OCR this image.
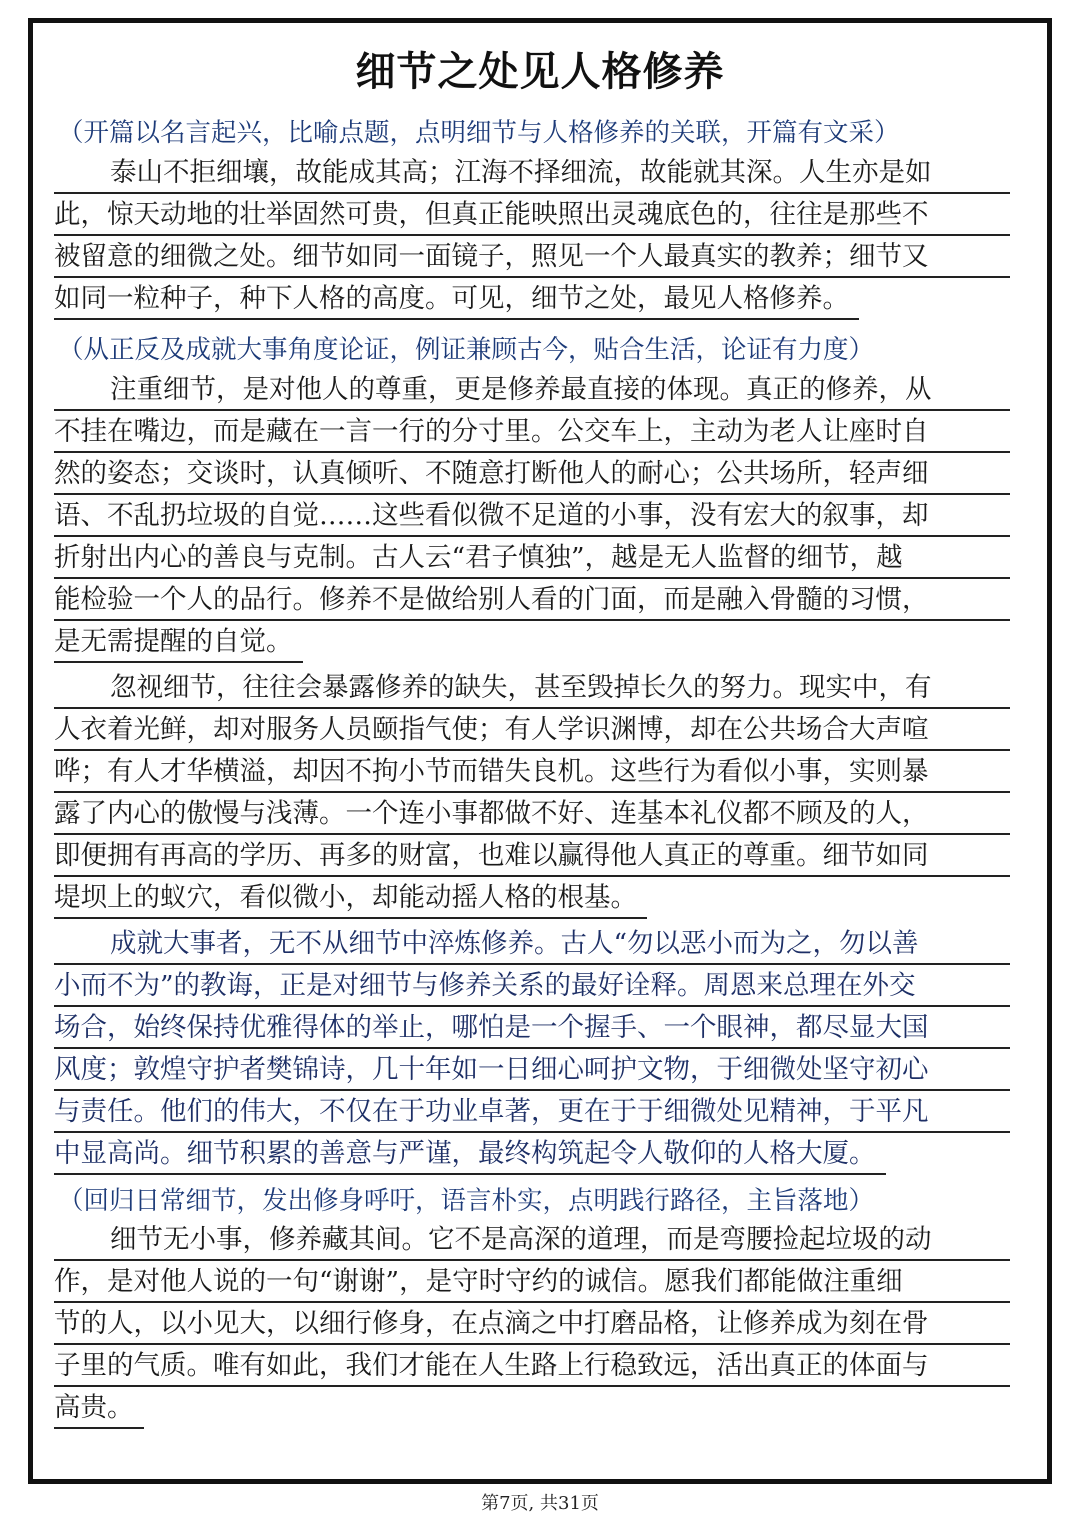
细节之处见人格修养
（开篇以名言起兴，比喻点题，点明细节与人格修养的关联，开篇有文采）
泰山不拒细壤，故能成其高；江海不择细流，故能就其深。人生亦是如
此，惊天动地的壮举固然可贵，但真正能映照出灵魂底色的，往往是那些不
被留意的细微之处。细节如同一面镜子，照见一个人最真实的教养；细节又
如同一粒种子，种下人格的高度。可见，细节之处，最见人格修养。
（从正反及成就大事角度论证，例证兼顾古今，贴合生活，论证有力度）
注重细节，是对他人的尊重，更是修养最直接的体现。真正的修养，从
不挂在嘴边，而是藏在一言一行的分寸里。公交车上，主动为老人让座时自
然的姿态；交谈时，认真倾听、不随意打断他人的耐心；公共场所，轻声细
语、不乱扔垃圾的自觉……这些看似微不足道的小事，没有宏大的叙事，却
折射出内心的善良与克制。古人云“君子慎独”，越是无人监督的细节，越
能检验一个人的品行。修养不是做给别人看的门面，而是融入骨髓的习惯，
是无需提醒的自觉。
忽视细节，往往会暴露修养的缺失，甚至毁掉长久的努力。现实中，有
人衣着光鲜，却对服务人员颐指气使；有人学识渊博，却在公共场合大声喧
哗；有人才华横溢，却因不拘小节而错失良机。这些行为看似小事，实则暴
露了内心的傲慢与浅薄。一个连小事都做不好、连基本礼仪都不顾及的人，
即便拥有再高的学历、再多的财富，也难以赢得他人真正的尊重。细节如同
堤坝上的蚁穴，看似微小，却能动摇人格的根基。
成就大事者，无不从细节中淬炼修养。古人“勿以恶小而为之，勿以善
小而不为”的教诲，正是对细节与修养关系的最好诠释。周恩来总理在外交
场合，始终保持优雅得体的举止，哪怕是一个握手、一个眼神，都尽显大国
风度；敦煌守护者樊锦诗，几十年如一日细心呵护文物，于细微处坚守初心
与责任。他们的伟大，不仅在于功业卓著，更在于于细微处见精神，于平凡
中显高尚。细节积累的善意与严谨，最终构筑起令人敬仰的人格大厦。
（回归日常细节，发出修身呼吁，语言朴实，点明践行路径，主旨落地）
细节无小事，修养藏其间。它不是高深的道理，而是弯腰捡起垃圾的动
作，是对他人说的一句“谢谢”，是守时守约的诚信。愿我们都能做注重细
节的人，以小见大，以细行修身，在点滴之中打磨品格，让修养成为刻在骨
子里的气质。唯有如此，我们才能在人生路上行稳致远，活出真正的体面与
高贵。
第7页, 共31页
